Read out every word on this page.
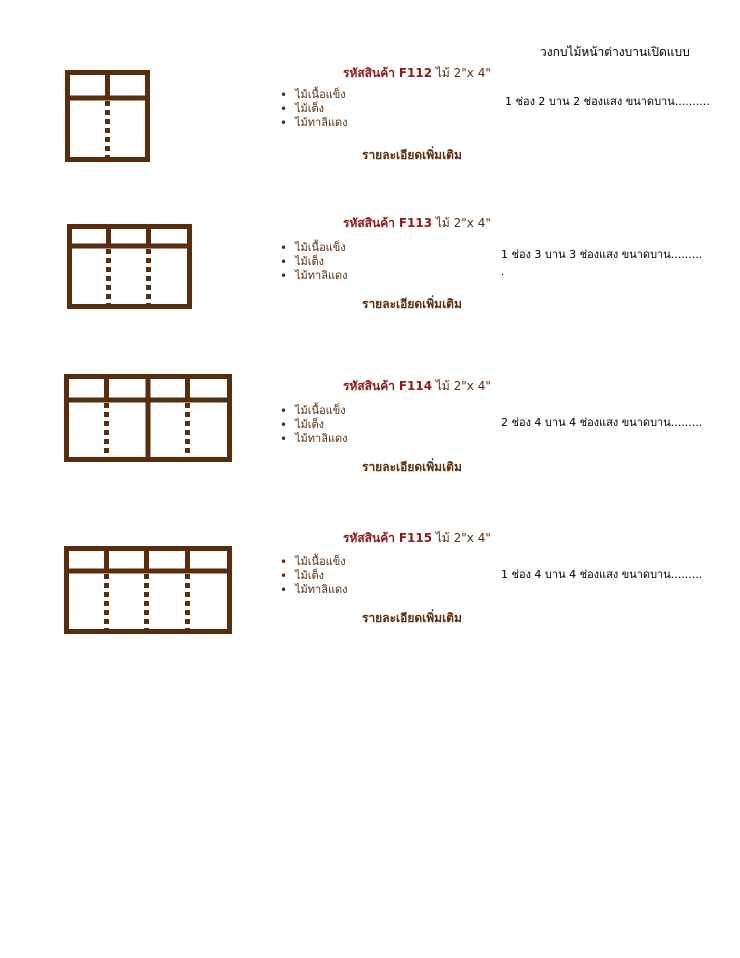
วงกบไม้หน้าต่างบานเปิดแบบ
รหัสสินค้า F112 ไม้ 2"x 4"
• ไม้เนื้อแข็ง
• ไม้เต็ง
• ไม้ทาลิแดง
รายละเอียดเพิ่มเติม
1 ช่อง 2 บาน 2 ช่องแสง ขนาดบาน..........
รหัสสินค้า F113 ไม้ 2"x 4"
• ไม้เนื้อแข็ง
• ไม้เต็ง
• ไม้ทาลิแดง
รายละเอียดเพิ่มเติม
1 ช่อง 3 บาน 3 ช่องแสง ขนาดบาน.........
.
รหัสสินค้า F114 ไม้ 2"x 4"
• ไม้เนื้อแข็ง
• ไม้เต็ง
• ไม้ทาลิแดง
รายละเอียดเพิ่มเติม
2 ช่อง 4 บาน 4 ช่องแสง ขนาดบาน.........
รหัสสินค้า F115 ไม้ 2"x 4"
• ไม้เนื้อแข็ง
• ไม้เต็ง
• ไม้ทาลิแดง
รายละเอียดเพิ่มเติม
1 ช่อง 4 บาน 4 ช่องแสง ขนาดบาน.........
